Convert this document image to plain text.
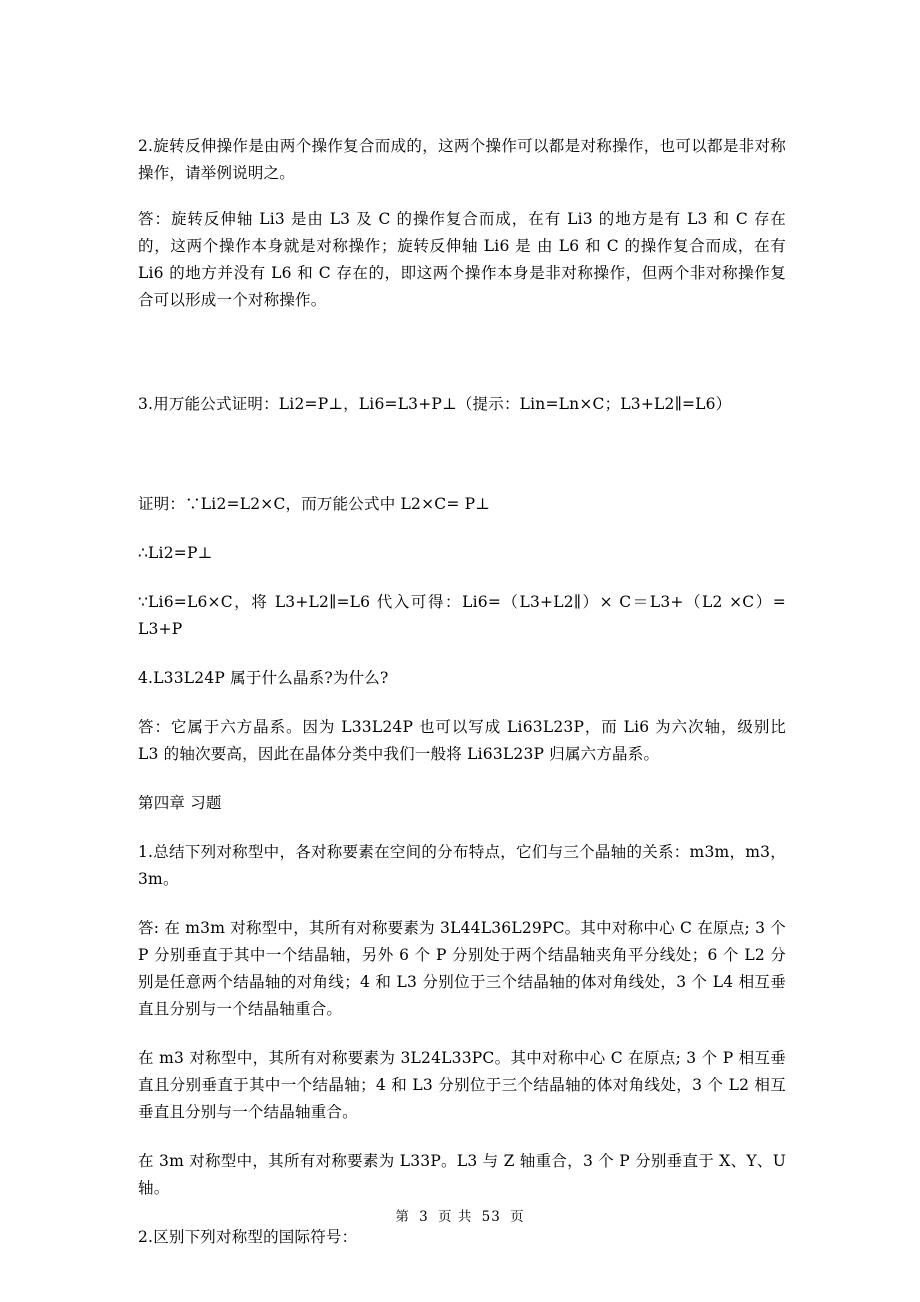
2.旋转反伸操作是由两个操作复合而成的，这两个操作可以都是对称操作，也可以都是非对称操作，请举例说明之。

答：旋转反伸轴 Li3 是由 L3 及 C 的操作复合而成，在有 Li3 的地方是有 L3 和 C 存在的，这两个操作本身就是对称操作；旋转反伸轴 Li6 是 由 L6 和 C 的操作复合而成，在有 Li6 的地方并没有 L6 和 C 存在的，即这两个操作本身是非对称操作，但两个非对称操作复合可以形成一个对称操作。

3.用万能公式证明：Li2=P⊥，Li6=L3+P⊥（提示：Lin=Ln×C；L3+L2∥=L6）

证明：∵Li2=L2×C，而万能公式中 L2×C= P⊥

∴Li2=P⊥

∵Li6=L6×C，将 L3+L2∥=L6 代入可得：Li6=（L3+L2∥）× C＝L3+（L2 ×C）= L3+P

4.L33L24P 属于什么晶系?为什么?

答：它属于六方晶系。因为 L33L24P 也可以写成 Li63L23P，而 Li6 为六次轴，级别比 L3 的轴次要高，因此在晶体分类中我们一般将 Li63L23P 归属六方晶系。

第四章 习题

1.总结下列对称型中，各对称要素在空间的分布特点，它们与三个晶轴的关系：m3m，m3，3m。

答: 在 m3m 对称型中，其所有对称要素为 3L44L36L29PC。其中对称中心 C 在原点; 3 个 P 分别垂直于其中一个结晶轴，另外 6 个 P 分别处于两个结晶轴夹角平分线处；6 个 L2 分别是任意两个结晶轴的对角线；4 和 L3 分别位于三个结晶轴的体对角线处，3 个 L4 相互垂直且分别与一个结晶轴重合。

在 m3 对称型中，其所有对称要素为 3L24L33PC。其中对称中心 C 在原点; 3 个 P 相互垂直且分别垂直于其中一个结晶轴；4 和 L3 分别位于三个结晶轴的体对角线处，3 个 L2 相互垂直且分别与一个结晶轴重合。

在 3m 对称型中，其所有对称要素为 L33P。L3 与 Z 轴重合，3 个 P 分别垂直于 X、Y、U 轴。

2.区别下列对称型的国际符号：

第 3 页 共 53 页
